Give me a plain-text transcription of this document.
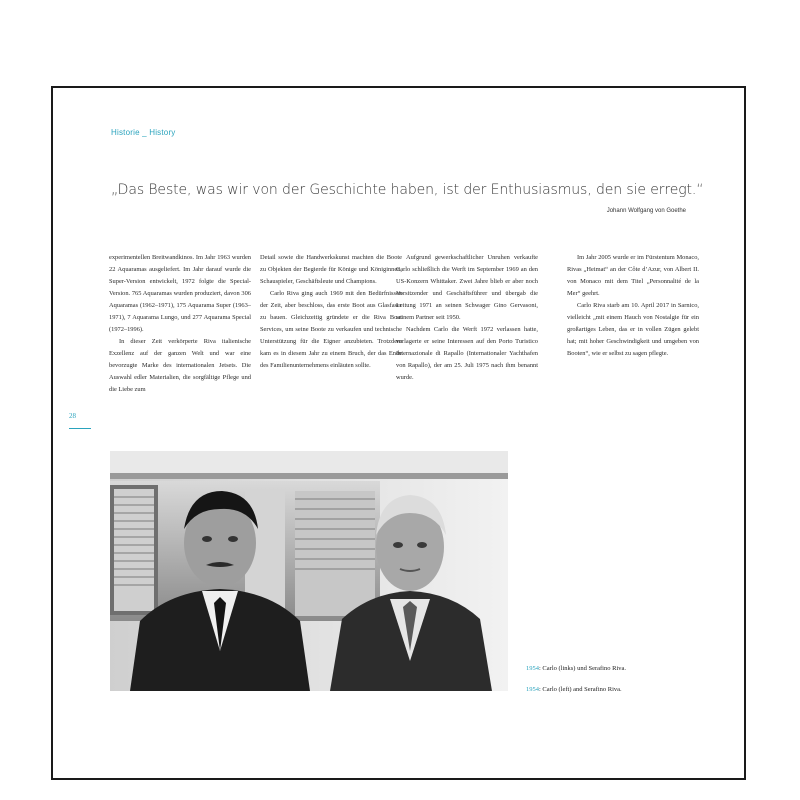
Historie _ History
„Das Beste, was wir von der Geschichte haben, ist der Enthusiasmus, den sie erregt.“
Johann Wolfgang von Goethe

experimentellen Breitwandkinos. Im Jahr 1963 wurden 22 Aquaramas ausgeliefert. Im Jahr darauf wurde die Super-Version entwickelt, 1972 folgte die Special-Version. 765 Aquaramas wurden produziert, davon 306 Aquaramas (1962–1971), 175 Aquarama Super (1963–1971), 7 Aquarama Lungo, und 277 Aquarama Special (1972–1996).

In dieser Zeit verkörperte Riva italienische Exzellenz auf der ganzen Welt und war eine bevorzugte Marke des internationalen Jetsets. Die Auswahl edler Materialien, die sorgfältige Pflege und die Liebe zum

Detail sowie die Handwerkskunst machten die Boote zu Objekten der Begierde für Könige und Königinnen, Schauspieler, Geschäftsleute und Champions.

Carlo Riva ging auch 1969 mit den Bedürfnissen der Zeit, aber beschloss, das erste Boot aus Glasfaser zu bauen. Gleichzeitig gründete er die Riva Boat Services, um seine Boote zu verkaufen und technische Unterstützung für die Eigner anzubieten. Trotzdem kam es in diesem Jahr zu einem Bruch, der das Ende des Familienunternehmens einläuten sollte.

Aufgrund gewerkschaftlicher Unruhen verkaufte Carlo schließlich die Werft im September 1969 an den US-Konzern Whittaker. Zwei Jahre blieb er aber noch Vorsitzender und Geschäftsführer und übergab die Leitung 1971 an seinen Schwager Gino Gervasoni, seinem Partner seit 1950.

Nachdem Carlo die Werft 1972 verlassen hatte, verlagerte er seine Interessen auf den Porto Turistico Internazionale di Rapallo (Internationaler Yachthafen von Rapallo), der am 25. Juli 1975 nach ihm benannt wurde.

Im Jahr 2005 wurde er im Fürstentum Monaco, Rivas „Heimat“ an der Côte d’Azur, von Albert II. von Monaco mit dem Titel „Personnalité de la Mer“ geehrt.

Carlo Riva starb am 10. April 2017 in Sarnico, vielleicht „mit einem Hauch von Nostalgie für ein großartiges Leben, das er in vollen Zügen gelebt hat; mit hoher Geschwindigkeit und umgeben von Booten“, wie er selbst zu sagen pflegte.

28
1954: Carlo (links) und Serafino Riva.
1954: Carlo (left) and Serafino Riva.
